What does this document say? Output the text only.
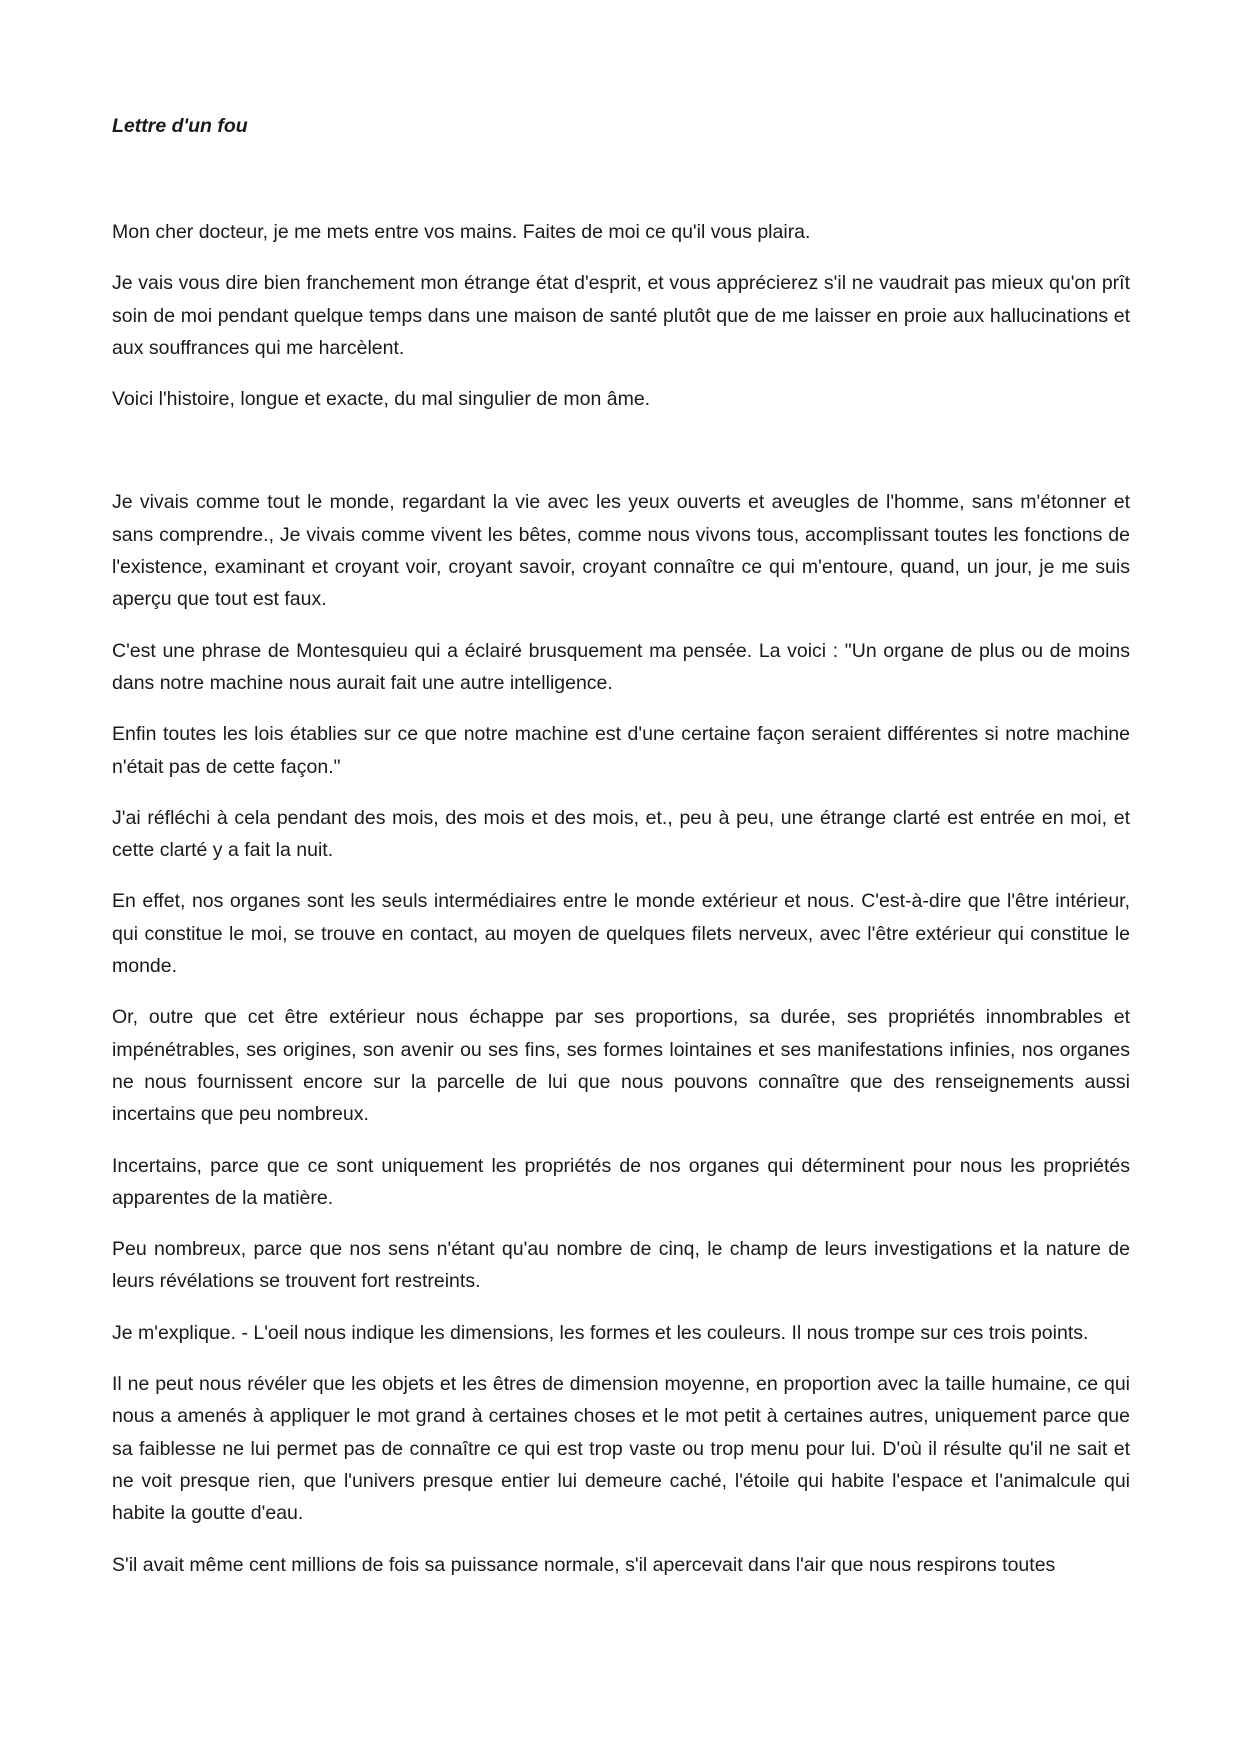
Lettre d'un fou

Mon cher docteur, je me mets entre vos mains. Faites de moi ce qu'il vous plaira.

Je vais vous dire bien franchement mon étrange état d'esprit, et vous apprécierez s'il ne vaudrait pas mieux qu'on prît soin de moi pendant quelque temps dans une maison de santé plutôt que de me laisser en proie aux hallucinations et aux souffrances qui me harcèlent.

Voici l'histoire, longue et exacte, du mal singulier de mon âme.

Je vivais comme tout le monde, regardant la vie avec les yeux ouverts et aveugles de l'homme, sans m'étonner et sans comprendre., Je vivais comme vivent les bêtes, comme nous vivons tous, accomplissant toutes les fonctions de l'existence, examinant et croyant voir, croyant savoir, croyant connaître ce qui m'entoure, quand, un jour, je me suis aperçu que tout est faux.

C'est une phrase de Montesquieu qui a éclairé brusquement ma pensée. La voici : "Un organe de plus ou de moins dans notre machine nous aurait fait une autre intelligence.

Enfin toutes les lois établies sur ce que notre machine est d'une certaine façon seraient différentes si notre machine n'était pas de cette façon."

J'ai réfléchi à cela pendant des mois, des mois et des mois, et., peu à peu, une étrange clarté est entrée en moi, et cette clarté y a fait la nuit.

En effet, nos organes sont les seuls intermédiaires entre le monde extérieur et nous. C'est-à-dire que l'être intérieur, qui constitue le moi, se trouve en contact, au moyen de quelques filets nerveux, avec l'être extérieur qui constitue le monde.

Or, outre que cet être extérieur nous échappe par ses proportions, sa durée, ses propriétés innombrables et impénétrables, ses origines, son avenir ou ses fins, ses formes lointaines et ses manifestations infinies, nos organes ne nous fournissent encore sur la parcelle de lui que nous pouvons connaître que des renseignements aussi incertains que peu nombreux.

Incertains, parce que ce sont uniquement les propriétés de nos organes qui déterminent pour nous les propriétés apparentes de la matière.

Peu nombreux, parce que nos sens n'étant qu'au nombre de cinq, le champ de leurs investigations et la nature de leurs révélations se trouvent fort restreints.

Je m'explique. - L'oeil nous indique les dimensions, les formes et les couleurs. Il nous trompe sur ces trois points.

Il ne peut nous révéler que les objets et les êtres de dimension moyenne, en proportion avec la taille humaine, ce qui nous a amenés à appliquer le mot grand à certaines choses et le mot petit à certaines autres, uniquement parce que sa faiblesse ne lui permet pas de connaître ce qui est trop vaste ou trop menu pour lui. D'où il résulte qu'il ne sait et ne voit presque rien, que l'univers presque entier lui demeure caché, l'étoile qui habite l'espace et l'animalcule qui habite la goutte d'eau.

S'il avait même cent millions de fois sa puissance normale, s'il apercevait dans l'air que nous respirons toutes
